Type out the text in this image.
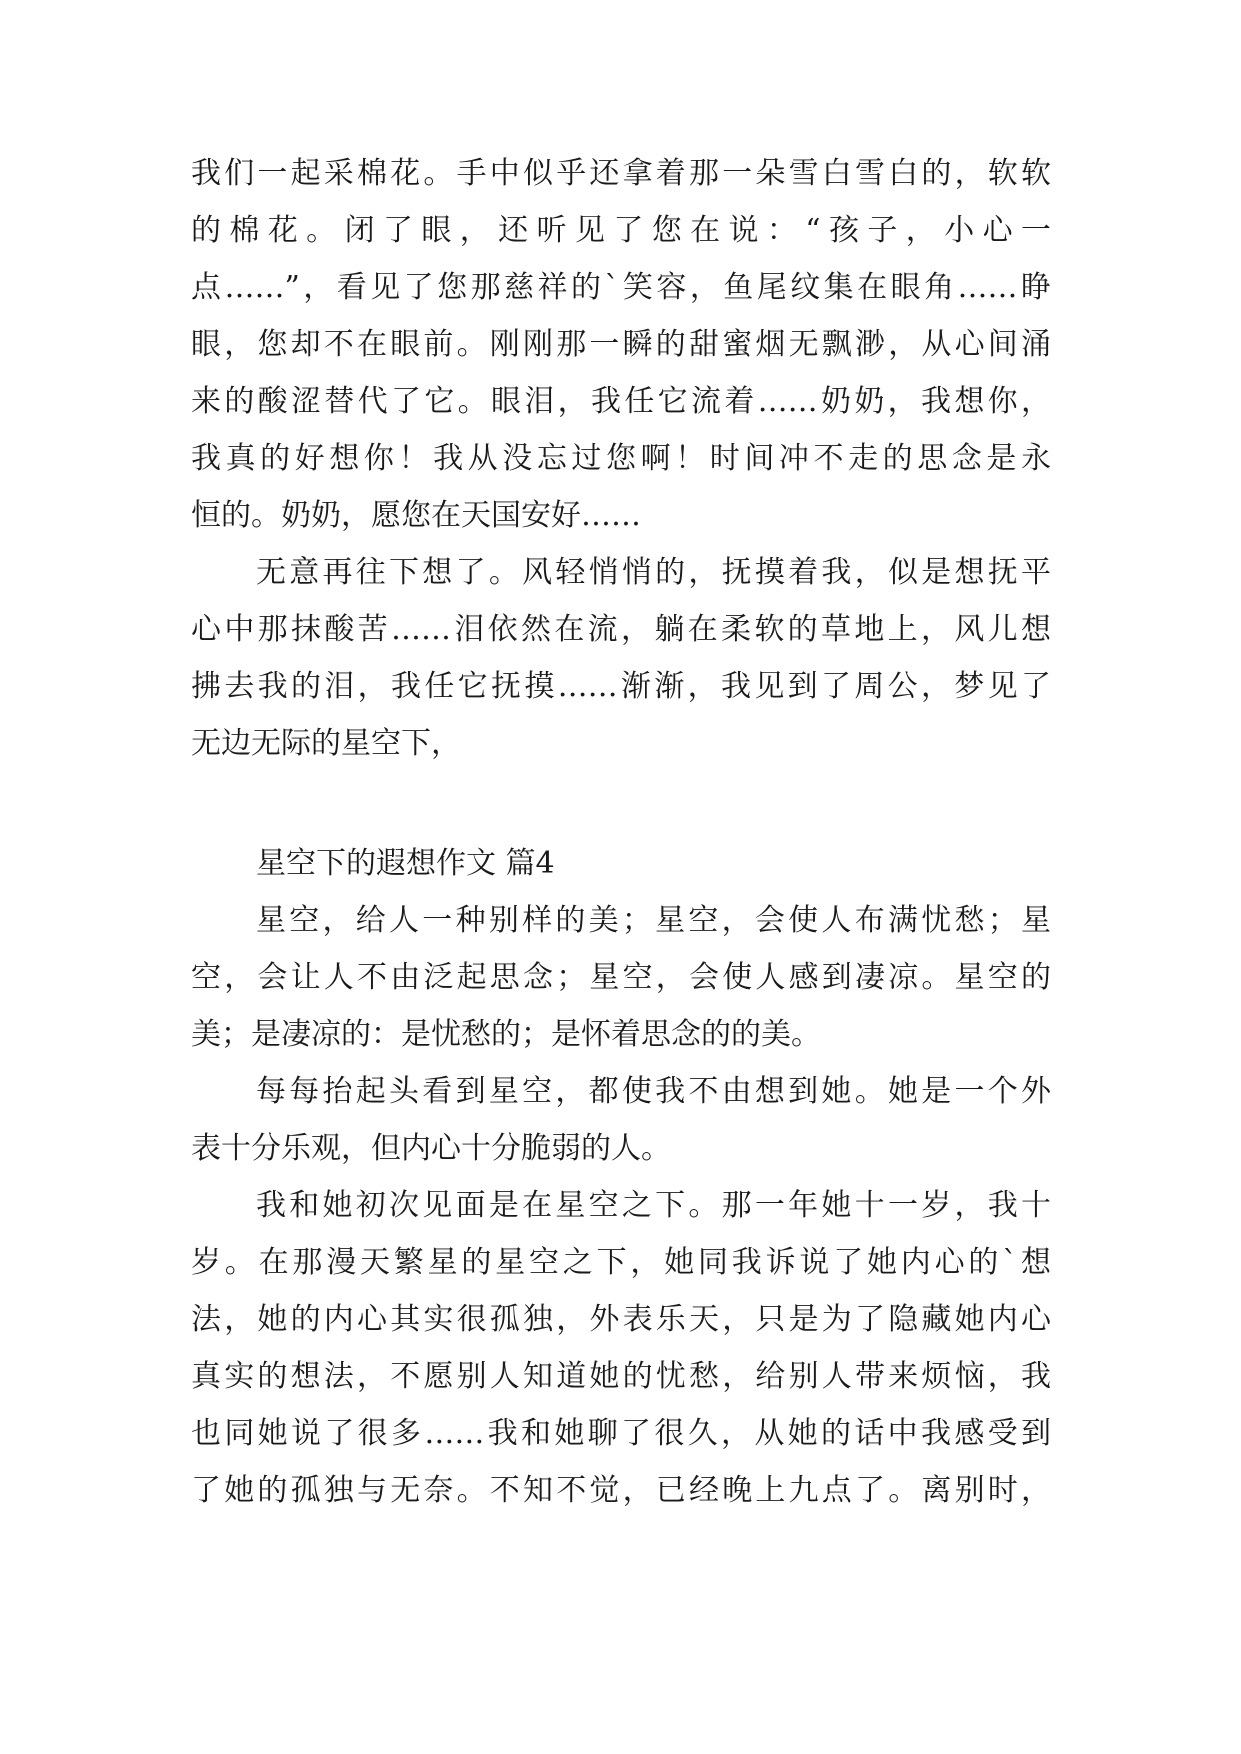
我们一起采棉花。手中似乎还拿着那一朵雪白雪白的，软软
的棉花。闭了眼，还听见了您在说：“孩子，小心一
点……”，看见了您那慈祥的`笑容，鱼尾纹集在眼角……睁
眼，您却不在眼前。刚刚那一瞬的甜蜜烟无飘渺，从心间涌
来的酸涩替代了它。眼泪，我任它流着……奶奶，我想你，
我真的好想你！我从没忘过您啊！时间冲不走的思念是永
恒的。奶奶，愿您在天国安好……
无意再往下想了。风轻悄悄的，抚摸着我，似是想抚平
心中那抹酸苦……泪依然在流，躺在柔软的草地上，风儿想
拂去我的泪，我任它抚摸……渐渐，我见到了周公，梦见了
无边无际的星空下，
星空下的遐想作文 篇4
星空，给人一种别样的美；星空，会使人布满忧愁；星
空，会让人不由泛起思念；星空，会使人感到凄凉。星空的
美；是凄凉的：是忧愁的；是怀着思念的的美。
每每抬起头看到星空，都使我不由想到她。她是一个外
表十分乐观，但内心十分脆弱的人。
我和她初次见面是在星空之下。那一年她十一岁，我十
岁。在那漫天繁星的星空之下，她同我诉说了她内心的`想
法，她的内心其实很孤独，外表乐天，只是为了隐藏她内心
真实的想法，不愿别人知道她的忧愁，给别人带来烦恼，我
也同她说了很多……我和她聊了很久，从她的话中我感受到
了她的孤独与无奈。不知不觉，已经晚上九点了。离别时，
